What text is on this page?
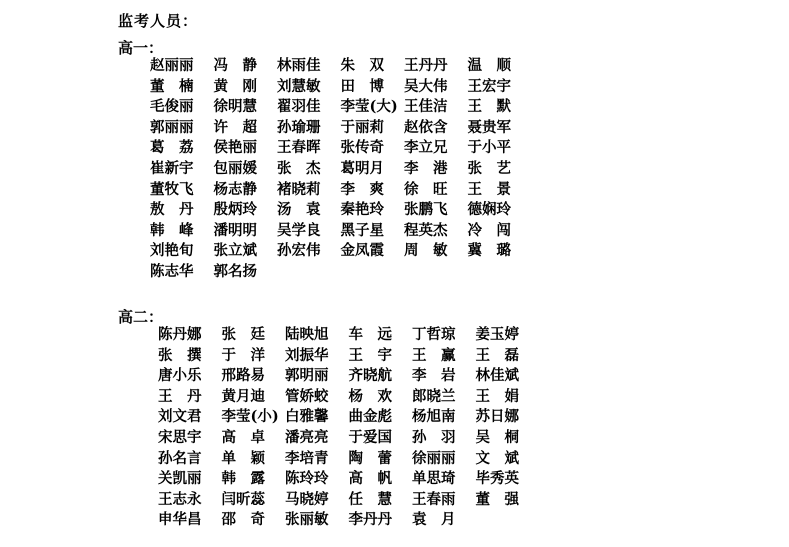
监考人员：
高一：
赵丽丽 冯　静 林雨佳 朱　双 王丹丹 温　顺
董　楠 黄　刚 刘慧敏 田　博 吴大伟 王宏宇
毛俊丽 徐明慧 翟羽佳 李莹(大) 王佳洁 王　默
郭丽丽 许　超 孙瑜珊 于丽莉 赵依含 聂贵军
葛　荔 侯艳丽 王春晖 张传奇 李立兄 于小平
崔新宇 包丽媛 张　杰 葛明月 李　港 张　艺
董牧飞 杨志静 褚晓莉 李　爽 徐　旺 王　景
敖　丹 殷炳玲 汤　袁 秦艳玲 张鹏飞 德娴玲
韩　峰 潘明明 吴学良 黑子星 程英杰 冷　闯
刘艳旬 张立斌 孙宏伟 金凤霞 周　敏 冀　璐
陈志华 郭名扬
高二：
陈丹娜 张　廷 陆映旭 车　远 丁哲琼 姜玉婷
张　撰 于　洋 刘振华 王　宇 王　赢 王　磊
唐小乐 邢路易 郭明丽 齐晓航 李　岩 林佳斌
王　丹 黄月迪 管娇蛟 杨　欢 郎晓兰 王　娟
刘文君 李莹(小) 白雅馨 曲金彪 杨旭南 苏日娜
宋思宇 高　卓 潘亮亮 于爱国 孙　羽 吴　桐
孙名言 单　颖 李培青 陶　蕾 徐丽丽 文　斌
关凯丽 韩　露 陈玲玲 高　帆 单思琦 毕秀英
王志永 闫昕蕊 马晓婷 任　慧 王春雨 董　强
申华昌 邵　奇 张丽敏 李丹丹 袁　月
